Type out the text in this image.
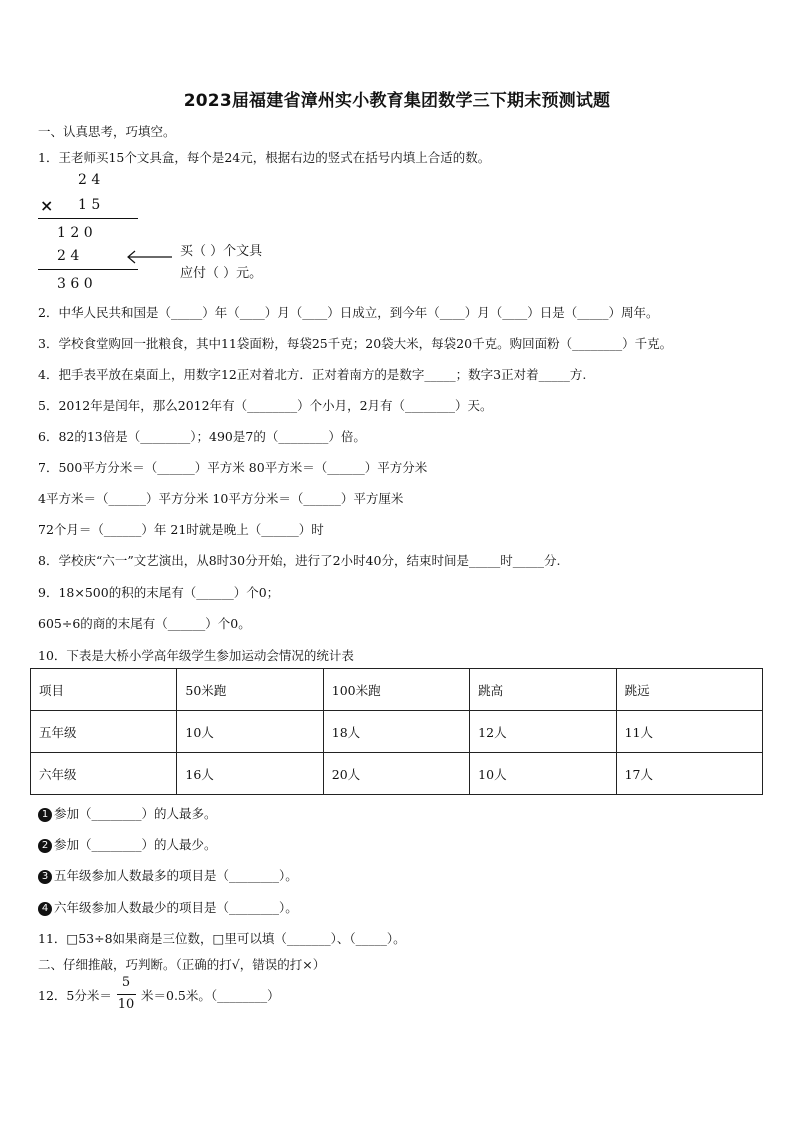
2023届福建省漳州实小教育集团数学三下期末预测试题
一、认真思考，巧填空。
1．王老师买15个文具盒，每个是24元，根据右边的竖式在括号内填上合适的数。
2 4
× 1 5
1 2 0
2 4
3 6 0
买（ ）个文具
应付（ ）元。
2．中华人民共和国是（_____）年（____）月（____）日成立，到今年（____）月（____）日是（_____）周年。
3．学校食堂购回一批粮食，其中11袋面粉，每袋25千克；20袋大米，每袋20千克。购回面粉（________）千克。
4．把手表平放在桌面上，用数字12正对着北方．正对着南方的是数字_____；数字3正对着_____方.
5．2012年是闰年，那么2012年有（________）个小月，2月有（________）天。
6．82的13倍是（________）；490是7的（________）倍。
7．500平方分米＝（______）平方米 80平方米＝（______）平方分米
4平方米＝（______）平方分米 10平方分米＝（______）平方厘米
72个月＝（______）年 21时就是晚上（______）时
8．学校庆“六一”文艺演出，从8时30分开始，进行了2小时40分，结束时间是_____时_____分.
9．18×500的积的末尾有（______）个0；
605÷6的商的末尾有（______）个0。
10．下表是大桥小学高年级学生参加运动会情况的统计表
项目	50米跑	100米跑	跳高	跳远
五年级	10人	18人	12人	11人
六年级	16人	20人	10人	17人
1 参加（________）的人最多。
2 参加（________）的人最少。
3 五年级参加人数最多的项目是（________）。
4 六年级参加人数最少的项目是（________）。
11．□53÷8如果商是三位数，□里可以填（_______）、（_____）。
二、仔细推敲，巧判断。（正确的打√，错误的打×）
12．5分米＝
5
10
米＝0.5米。（________）
